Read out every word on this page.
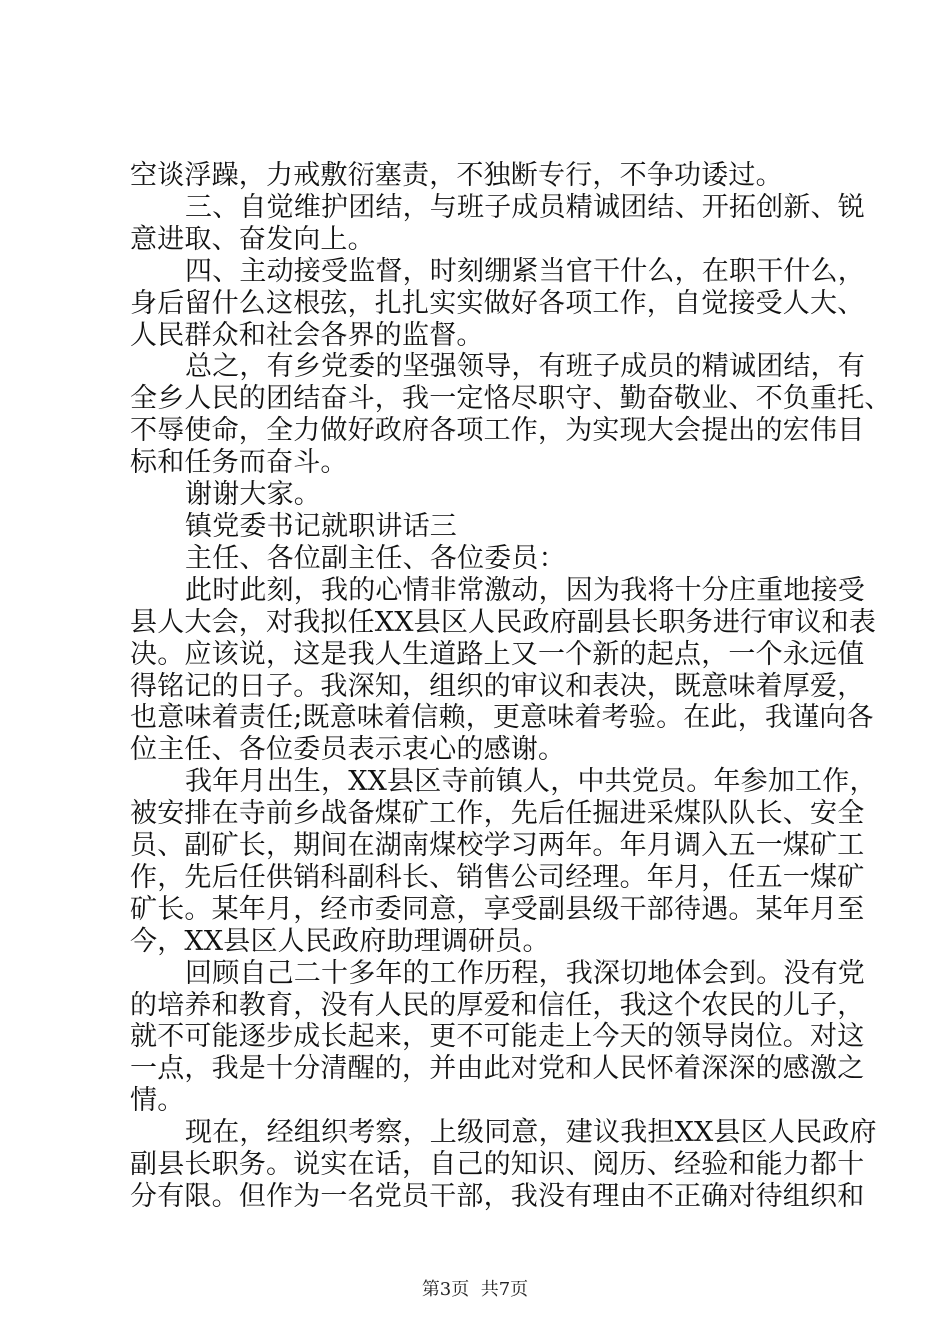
空谈浮躁，力戒敷衍塞责，不独断专行，不争功诿过。
三、自觉维护团结，与班子成员精诚团结、开拓创新、锐
意进取、奋发向上。
四、主动接受监督，时刻绷紧当官干什么，在职干什么，
身后留什么这根弦，扎扎实实做好各项工作，自觉接受人大、
人民群众和社会各界的监督。
总之，有乡党委的坚强领导，有班子成员的精诚团结，有
全乡人民的团结奋斗，我一定恪尽职守、勤奋敬业、不负重托、
不辱使命，全力做好政府各项工作，为实现大会提出的宏伟目
标和任务而奋斗。
谢谢大家。
镇党委书记就职讲话三
主任、各位副主任、各位委员：
此时此刻，我的心情非常激动，因为我将十分庄重地接受
县人大会，对我拟任XX县区人民政府副县长职务进行审议和表
决。应该说，这是我人生道路上又一个新的起点，一个永远值
得铭记的日子。我深知，组织的审议和表决，既意味着厚爱，
也意味着责任;既意味着信赖，更意味着考验。在此，我谨向各
位主任、各位委员表示衷心的感谢。
我年月出生，XX县区寺前镇人，中共党员。年参加工作，
被安排在寺前乡战备煤矿工作，先后任掘进采煤队队长、安全
员、副矿长，期间在湖南煤校学习两年。年月调入五一煤矿工
作，先后任供销科副科长、销售公司经理。年月，任五一煤矿
矿长。某年月，经市委同意，享受副县级干部待遇。某年月至
今，XX县区人民政府助理调研员。
回顾自己二十多年的工作历程，我深切地体会到。没有党
的培养和教育，没有人民的厚爱和信任，我这个农民的儿子，
就不可能逐步成长起来，更不可能走上今天的领导岗位。对这
一点，我是十分清醒的，并由此对党和人民怀着深深的感激之
情。
现在，经组织考察，上级同意，建议我担XX县区人民政府
副县长职务。说实在话，自己的知识、阅历、经验和能力都十
分有限。但作为一名党员干部，我没有理由不正确对待组织和
第3页 共7页
